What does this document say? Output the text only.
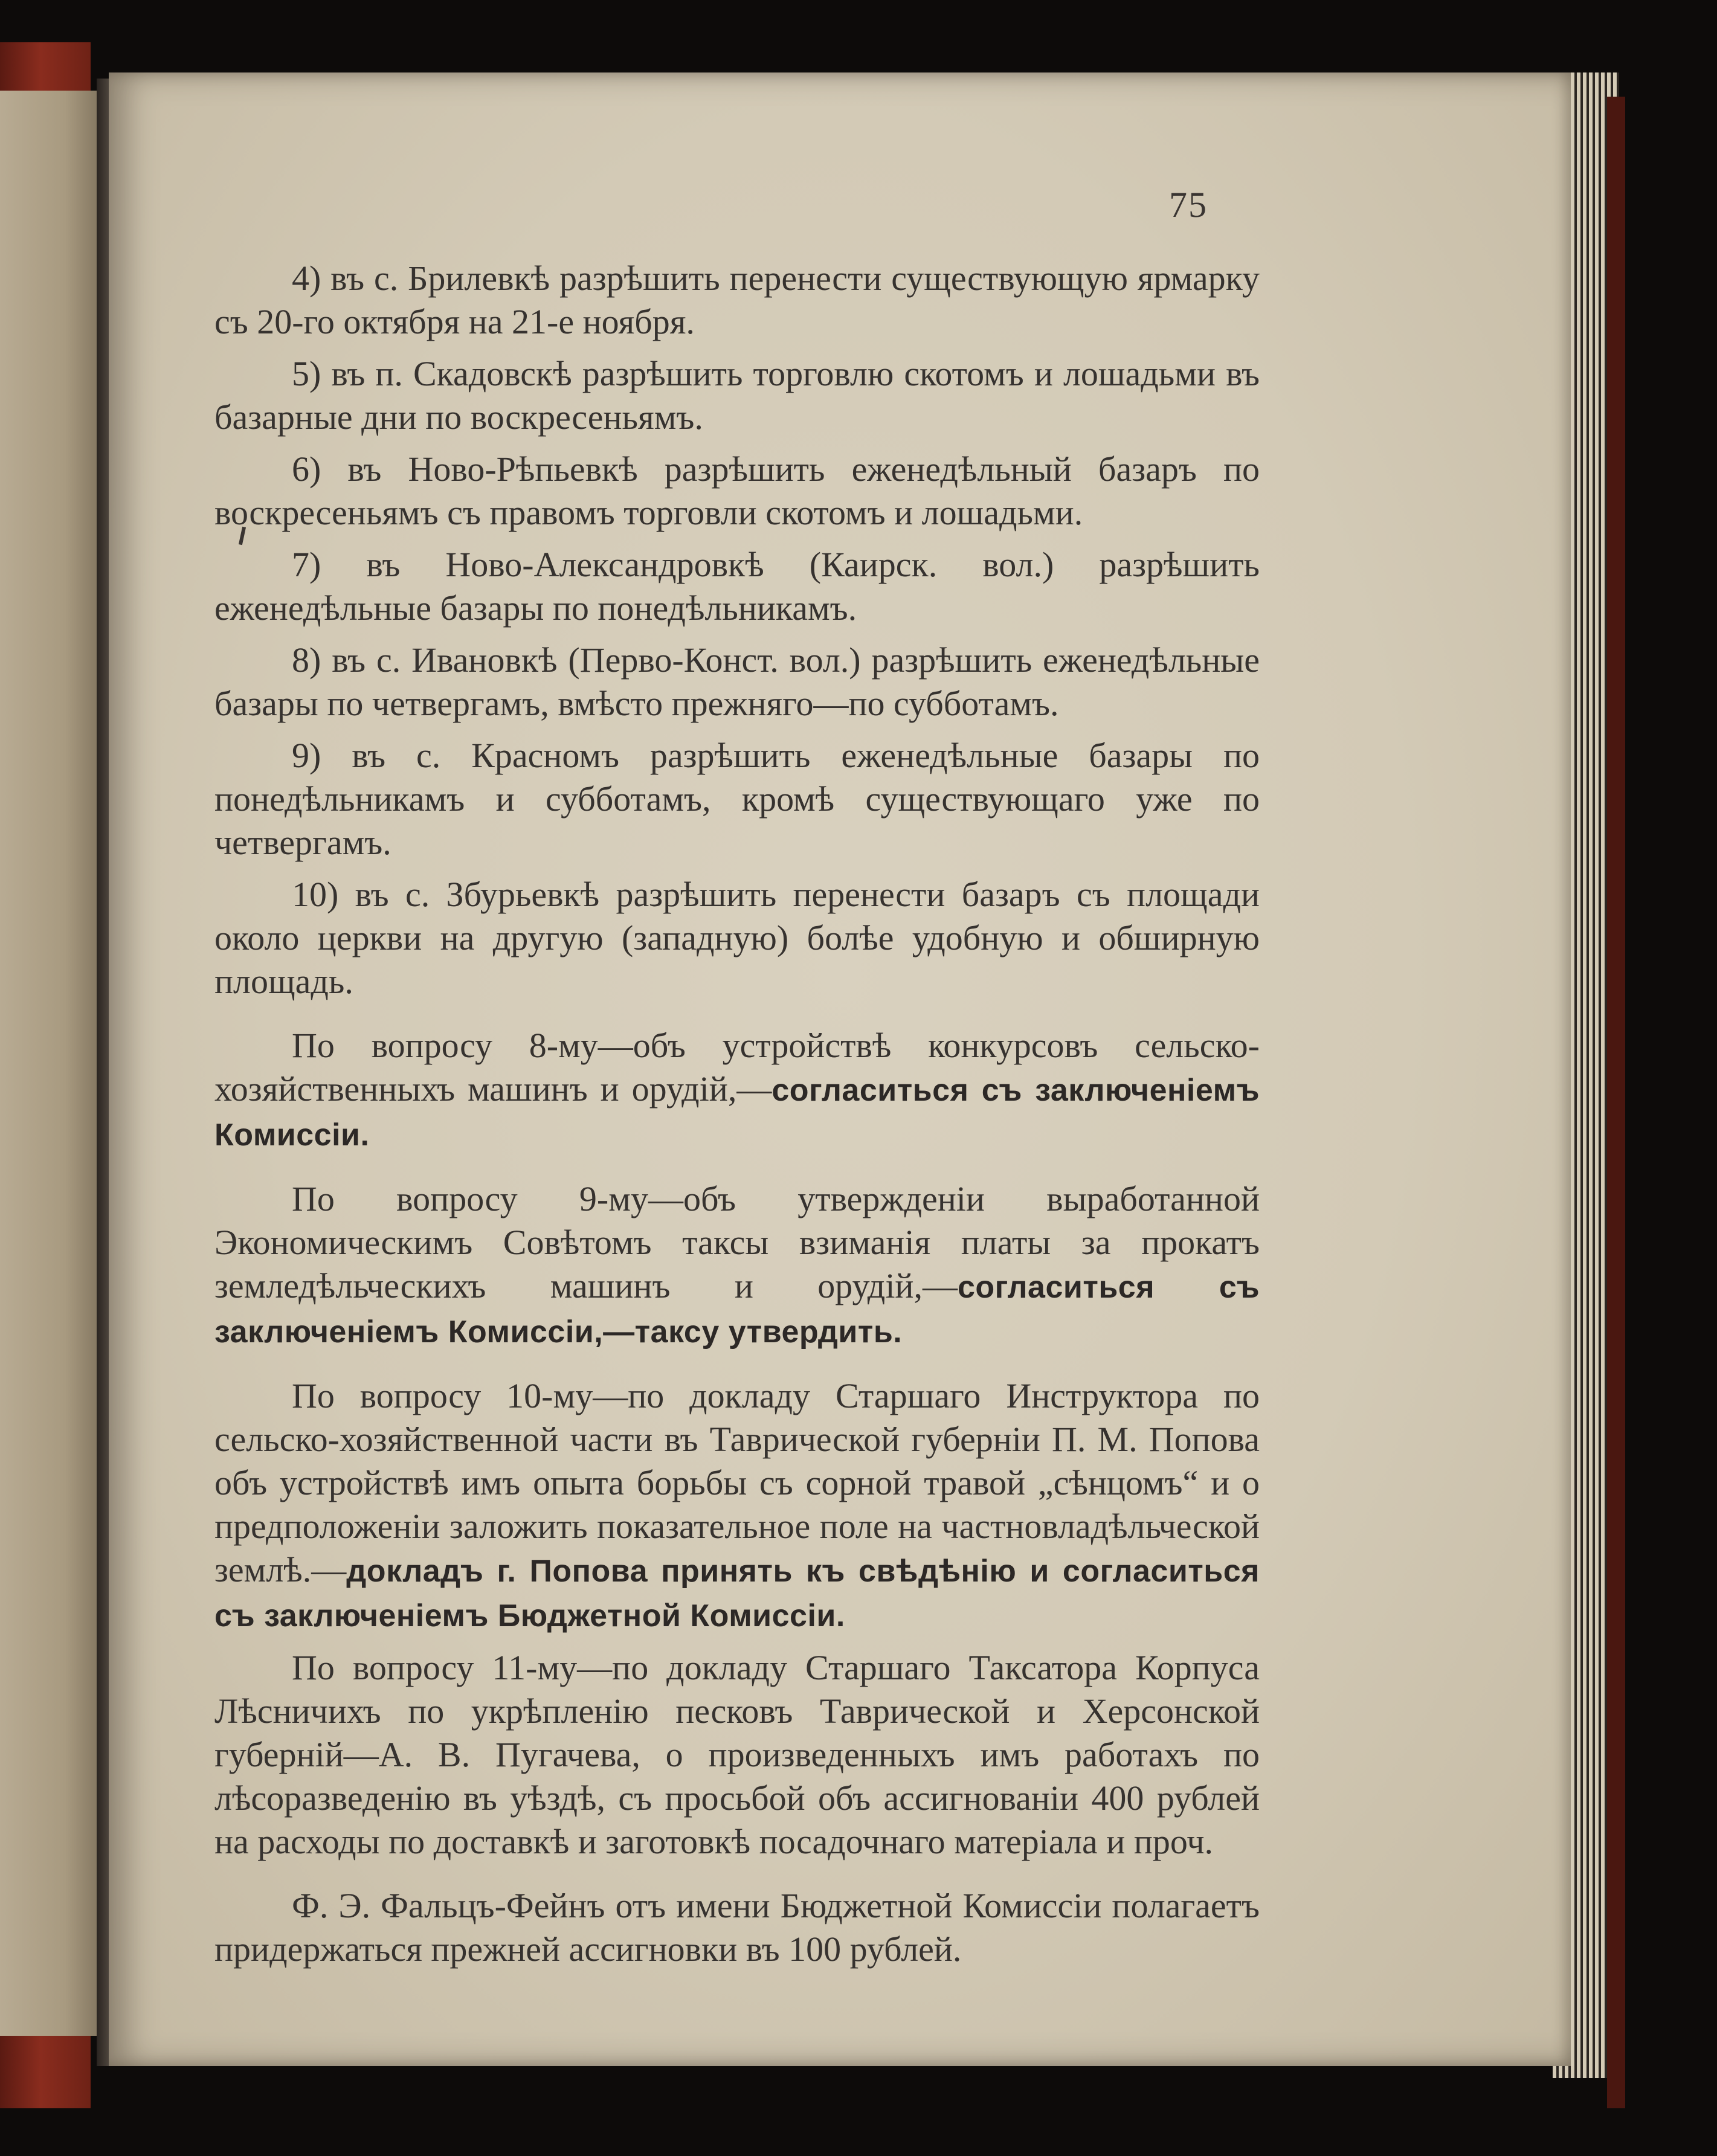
75

4) въ с. Брилевкѣ разрѣшить перенести существующую ярмарку съ 20-го октября на 21-е ноября.

5) въ п. Скадовскѣ разрѣшить торговлю скотомъ и лошадьми въ базарные дни по воскресеньямъ.

6) въ Ново-Рѣпьевкѣ разрѣшить еженедѣльный базаръ по воскресеньямъ съ правомъ торговли скотомъ и лошадьми.

7) въ Ново-Александровкѣ (Каирск. вол.) разрѣшить еженедѣльные базары по понедѣльникамъ.

8) въ с. Ивановкѣ (Перво-Конст. вол.) разрѣшить еженедѣльные базары по четвергамъ, вмѣсто прежняго—по субботамъ.

9) въ с. Красномъ разрѣшить еженедѣльные базары по понедѣльникамъ и субботамъ, кромѣ существующаго уже по четвергамъ.

10) въ с. Збурьевкѣ разрѣшить перенести базаръ съ площади около церкви на другую (западную) болѣе удобную и обширную площадь.

По вопросу 8-му—объ устройствѣ конкурсовъ сельско-хозяйственныхъ машинъ и орудій,—согласиться съ заключеніемъ Комиссіи.

По вопросу 9-му—объ утвержденіи выработанной Экономическимъ Совѣтомъ таксы взиманія платы за прокатъ земледѣльческихъ машинъ и орудій,—согласиться съ заключеніемъ Комиссіи,—таксу утвердить.

По вопросу 10-му—по докладу Старшаго Инструктора по сельско-хозяйственной части въ Таврической губерніи П. М. Попова объ устройствѣ имъ опыта борьбы съ сорной травой „сѣнцомъ“ и о предположеніи заложить показательное поле на частновладѣльческой землѣ.—докладъ г. Попова принять къ свѣдѣнію и согласиться съ заключеніемъ Бюджетной Комиссіи.

По вопросу 11-му—по докладу Старшаго Таксатора Корпуса Лѣсничихъ по укрѣпленію песковъ Таврической и Херсонской губерній—А. В. Пугачева, о произведенныхъ имъ работахъ по лѣсоразведенію въ уѣздѣ, съ просьбой объ ассигнованіи 400 рублей на расходы по доставкѣ и заготовкѣ посадочнаго матеріала и проч.

Ф. Э. Фальцъ-Фейнъ отъ имени Бюджетной Комиссіи полагаетъ придержаться прежней ассигновки въ 100 рублей.
